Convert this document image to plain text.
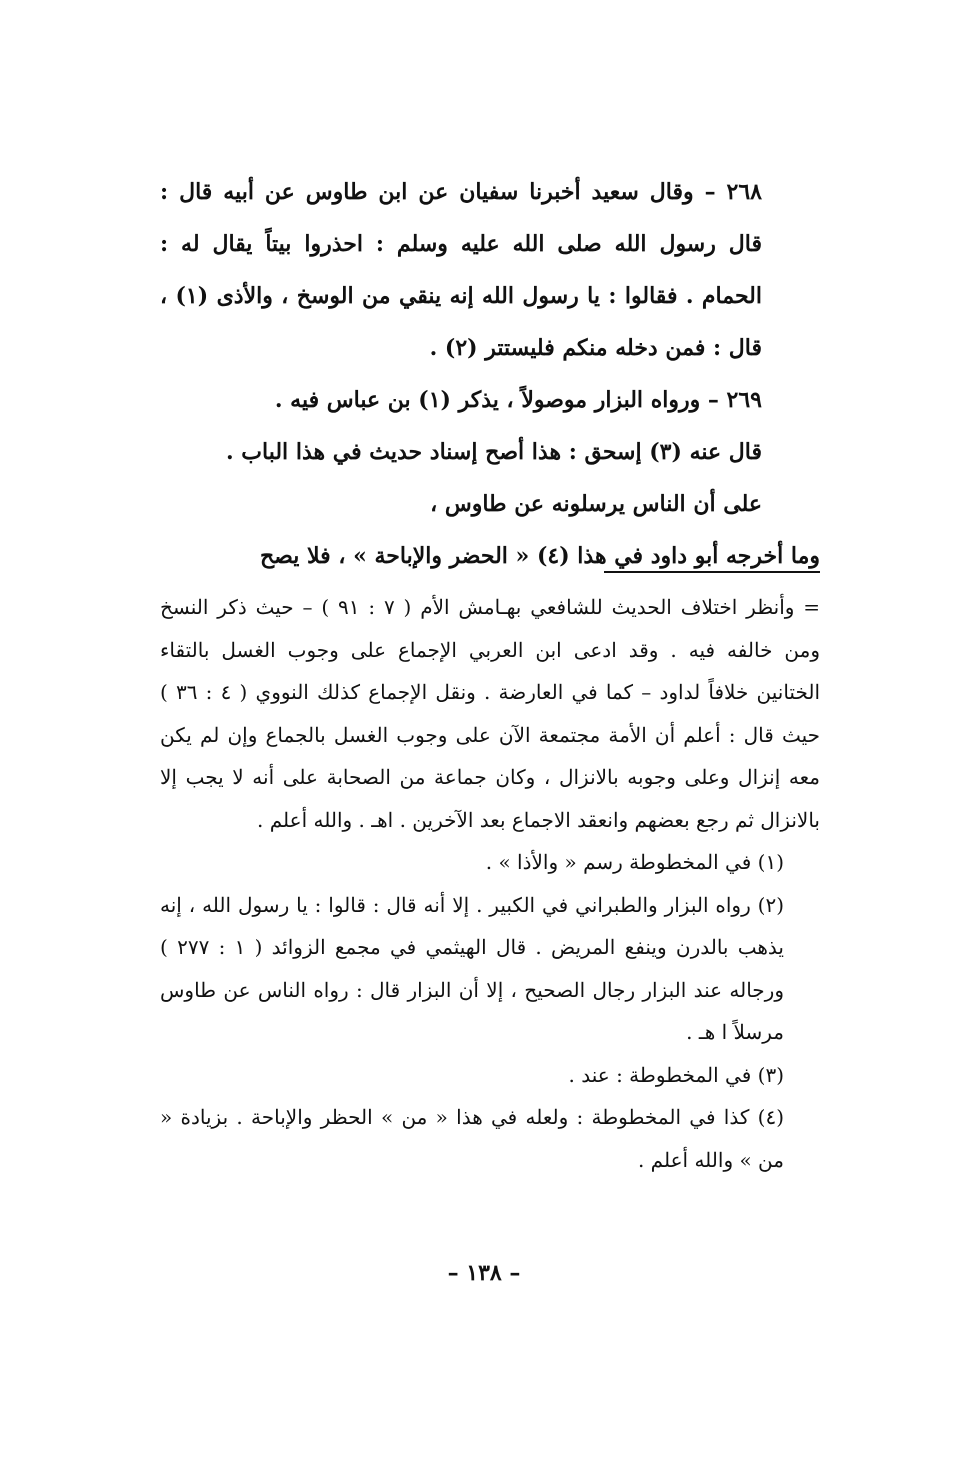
٢٦٨ – وقال سعيد أخبرنا سفيان عن ابن طاوس عن أبيه قال : قال رسول الله صلى الله عليه وسلم : احذروا بيتاً يقال له : الحمام . فقالوا : يا رسول الله إنه ينقي من الوسخ ، والأذى (١) ، قال : فمن دخله منكم فليستتر (٢) .

٢٦٩ – ورواه البزار موصولاً ، يذكر (١) بن عباس فيه .

قال عنه (٣) إسحق : هذا أصح إسناد حديث في هذا الباب .

على أن الناس يرسلونه عن طاوس ،

وما أخرجه أبو داود في هذا (٤) « الحضر والإباحة » ، فلا يصح

= وأنظر اختلاف الحديث للشافعي بهـامش الأم ( ٧ : ٩١ ) – حيث ذكر النسخ ومن خالفه فيه . وقد ادعى ابن العربي الإجماع على وجوب الغسل بالتقاء الختانين خلافاً لداود – كما في العارضة . ونقل الإجماع كذلك النووي ( ٤ : ٣٦ ) حيث قال : أعلم أن الأمة مجتمعة الآن على وجوب الغسل بالجماع وإن لم يكن معه إنزال وعلى وجوبه بالانزال ، وكان جماعة من الصحابة على أنه لا يجب إلا بالانزال ثم رجع بعضهم وانعقد الاجماع بعد الآخرين . اهـ . والله أعلم .

(١) في المخطوطة رسم « والأذا » .

(٢) رواه البزار والطبراني في الكبير . إلا أنه قال : قالوا : يا رسول الله ، إنه يذهب بالدرن وينفع المريض . قال الهيثمي في مجمع الزوائد ( ١ : ٢٧٧ ) ورجاله عند البزار رجال الصحيح ، إلا أن البزار قال : رواه الناس عن طاوس مرسلاً ا هـ .

(٣) في المخطوطة : عند .

(٤) كذا في المخطوطة : ولعله في هذا « من » الحظر والإباحة . بزيادة « من » والله أعلم .

– ١٣٨ –
